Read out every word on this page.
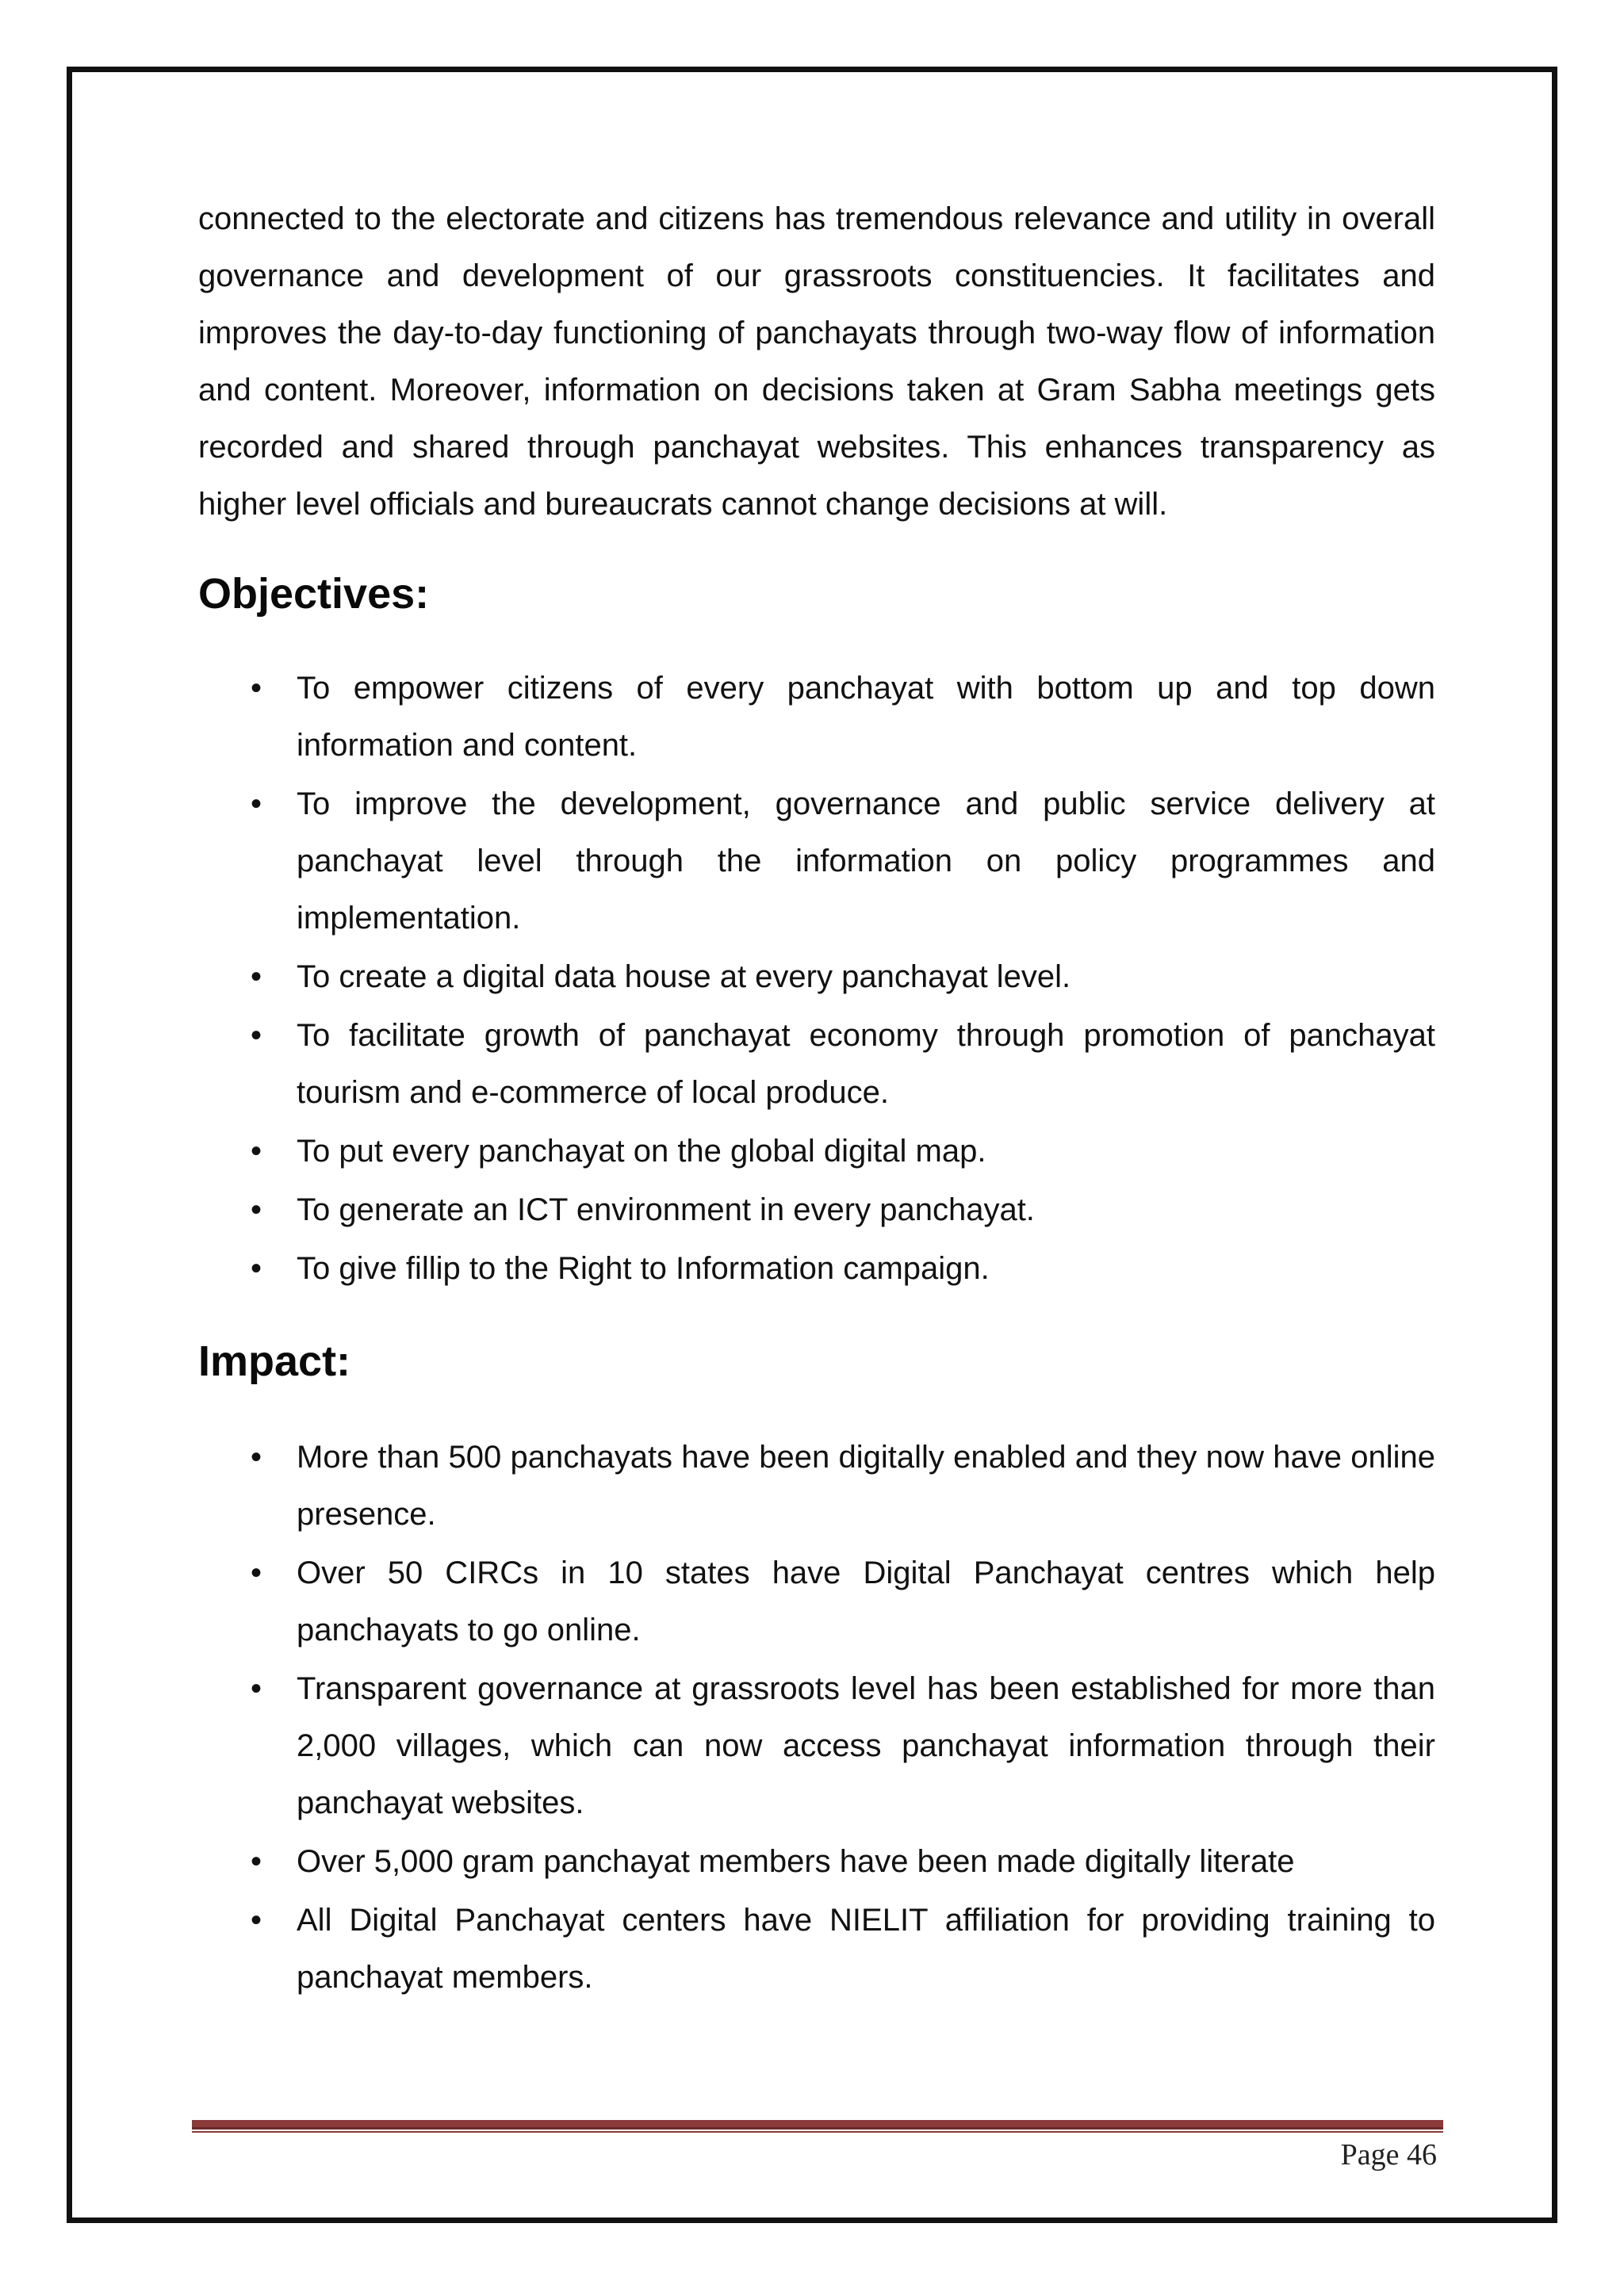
connected to the electorate and citizens has tremendous relevance and utility in overall governance and development of our grassroots constituencies. It facilitates and improves the day-to-day functioning of panchayats through two-way flow of information and content. Moreover, information on decisions taken at Gram Sabha meetings gets recorded and shared through panchayat websites. This enhances transparency as higher level officials and bureaucrats cannot change decisions at will.

Objectives:
• To empower citizens of every panchayat with bottom up and top down information and content.
• To improve the development, governance and public service delivery at panchayat level through the information on policy programmes and implementation.
• To create a digital data house at every panchayat level.
• To facilitate growth of panchayat economy through promotion of panchayat tourism and e-commerce of local produce.
• To put every panchayat on the global digital map.
• To generate an ICT environment in every panchayat.
• To give fillip to the Right to Information campaign.
Impact:
• More than 500 panchayats have been digitally enabled and they now have online presence.
• Over 50 CIRCs in 10 states have Digital Panchayat centres which help panchayats to go online.
• Transparent governance at grassroots level has been established for more than 2,000 villages, which can now access panchayat information through their panchayat websites.
• Over 5,000 gram panchayat members have been made digitally literate
• All Digital Panchayat centers have NIELIT affiliation for providing training to panchayat members.
Page 46
